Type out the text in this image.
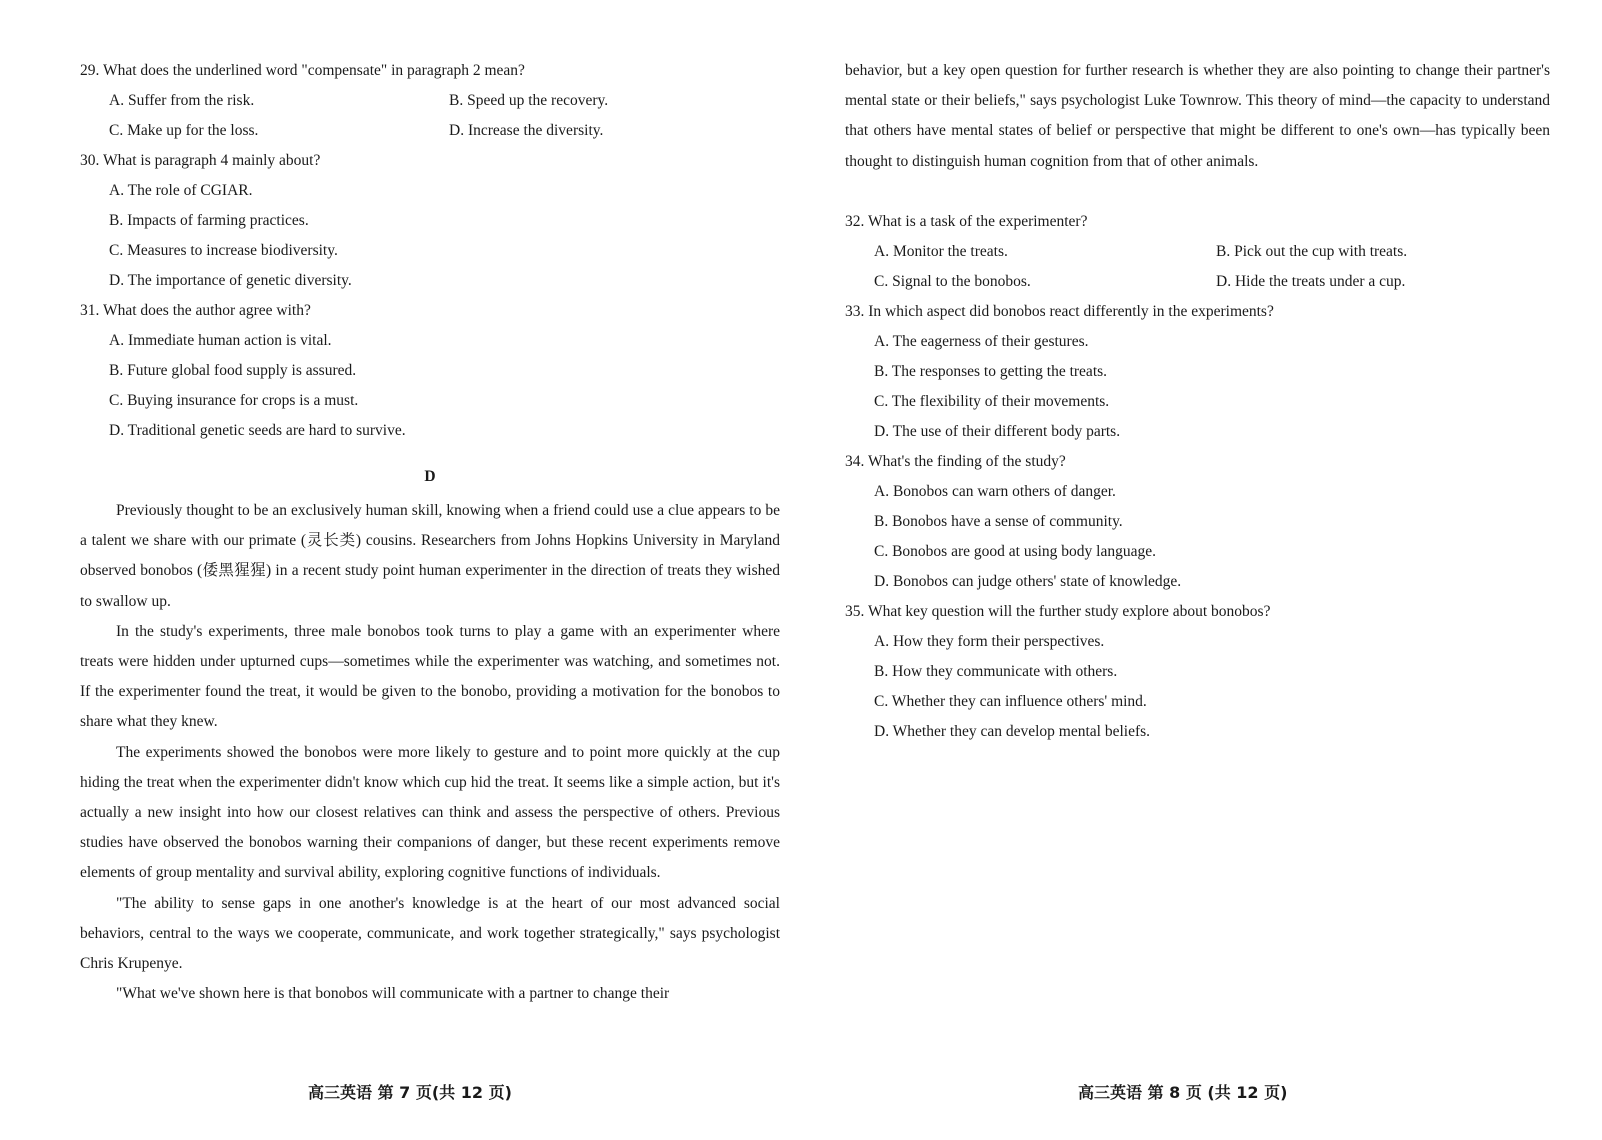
29. What does the underlined word "compensate" in paragraph 2 mean?

A. Suffer from the risk.	B. Speed up the recovery.
C. Make up for the loss.	D. Increase the diversity.

30. What is paragraph 4 mainly about?

A. The role of CGIAR.

B. Impacts of farming practices.

C. Measures to increase biodiversity.

D. The importance of genetic diversity.

31. What does the author agree with?

A. Immediate human action is vital.

B. Future global food supply is assured.

C. Buying insurance for crops is a must.

D. Traditional genetic seeds are hard to survive.

D

Previously thought to be an exclusively human skill, knowing when a friend could use a clue appears to be a talent we share with our primate (灵长类) cousins. Researchers from Johns Hopkins University in Maryland observed bonobos (倭黑猩猩) in a recent study point human experimenter in the direction of treats they wished to swallow up.

In the study's experiments, three male bonobos took turns to play a game with an experimenter where treats were hidden under upturned cups—sometimes while the experimenter was watching, and sometimes not. If the experimenter found the treat, it would be given to the bonobo, providing a motivation for the bonobos to share what they knew.

The experiments showed the bonobos were more likely to gesture and to point more quickly at the cup hiding the treat when the experimenter didn't know which cup hid the treat. It seems like a simple action, but it's actually a new insight into how our closest relatives can think and assess the perspective of others. Previous studies have observed the bonobos warning their companions of danger, but these recent experiments remove elements of group mentality and survival ability, exploring cognitive functions of individuals.

"The ability to sense gaps in one another's knowledge is at the heart of our most advanced social behaviors, central to the ways we cooperate, communicate, and work together strategically," says psychologist Chris Krupenye.

"What we've shown here is that bonobos will communicate with a partner to change their

高三英语 第 7 页(共 12 页)

behavior, but a key open question for further research is whether they are also pointing to change their partner's mental state or their beliefs," says psychologist Luke Townrow. This theory of mind—the capacity to understand that others have mental states of belief or perspective that might be different to one's own—has typically been thought to distinguish human cognition from that of other animals.

32. What is a task of the experimenter?

A. Monitor the treats.	B. Pick out the cup with treats.
C. Signal to the bonobos.	D. Hide the treats under a cup.

33. In which aspect did bonobos react differently in the experiments?

A. The eagerness of their gestures.

B. The responses to getting the treats.

C. The flexibility of their movements.

D. The use of their different body parts.

34. What's the finding of the study?

A. Bonobos can warn others of danger.

B. Bonobos have a sense of community.

C. Bonobos are good at using body language.

D. Bonobos can judge others' state of knowledge.

35. What key question will the further study explore about bonobos?

A. How they form their perspectives.

B. How they communicate with others.

C. Whether they can influence others' mind.

D. Whether they can develop mental beliefs.

高三英语 第 8 页 (共 12 页)
